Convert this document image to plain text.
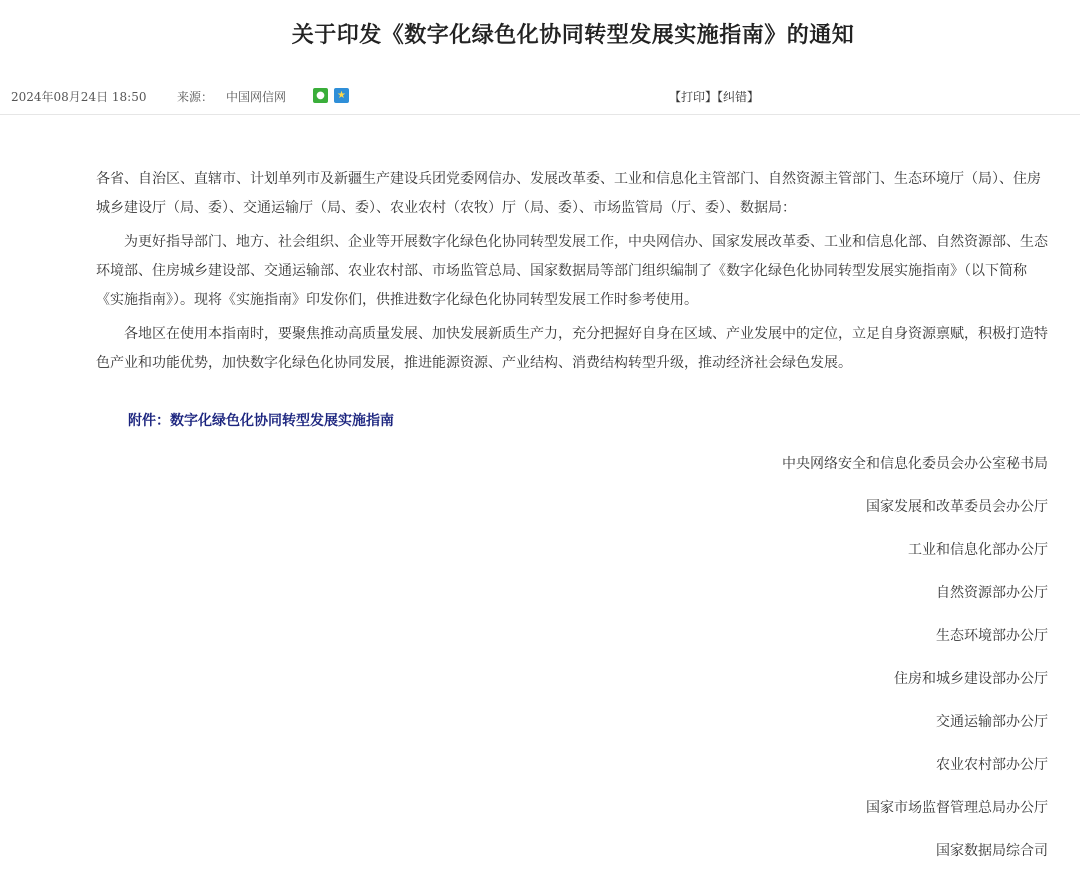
关于印发《数字化绿色化协同转型发展实施指南》的通知
2024年08月24日 18:50	来源： 中国网信网	●	★	【打印】【纠错】

各省、自治区、直辖市、计划单列市及新疆生产建设兵团党委网信办、发展改革委、工业和信息化主管部门、自然资源主管部门、生态环境厅（局）、住房城乡建设厅（局、委）、交通运输厅（局、委）、农业农村（农牧）厅（局、委）、市场监管局（厅、委）、数据局：

为更好指导部门、地方、社会组织、企业等开展数字化绿色化协同转型发展工作，中央网信办、国家发展改革委、工业和信息化部、自然资源部、生态环境部、住房城乡建设部、交通运输部、农业农村部、市场监管总局、国家数据局等部门组织编制了《数字化绿色化协同转型发展实施指南》（以下简称《实施指南》）。现将《实施指南》印发你们，供推进数字化绿色化协同转型发展工作时参考使用。

各地区在使用本指南时，要聚焦推动高质量发展、加快发展新质生产力，充分把握好自身在区域、产业发展中的定位，立足自身资源禀赋，积极打造特色产业和功能优势，加快数字化绿色化协同发展，推进能源资源、产业结构、消费结构转型升级，推动经济社会绿色发展。

附件：数字化绿色化协同转型发展实施指南
中央网络安全和信息化委员会办公室秘书局
国家发展和改革委员会办公厅
工业和信息化部办公厅
自然资源部办公厅
生态环境部办公厅
住房和城乡建设部办公厅
交通运输部办公厅
农业农村部办公厅
国家市场监督管理总局办公厅
国家数据局综合司
